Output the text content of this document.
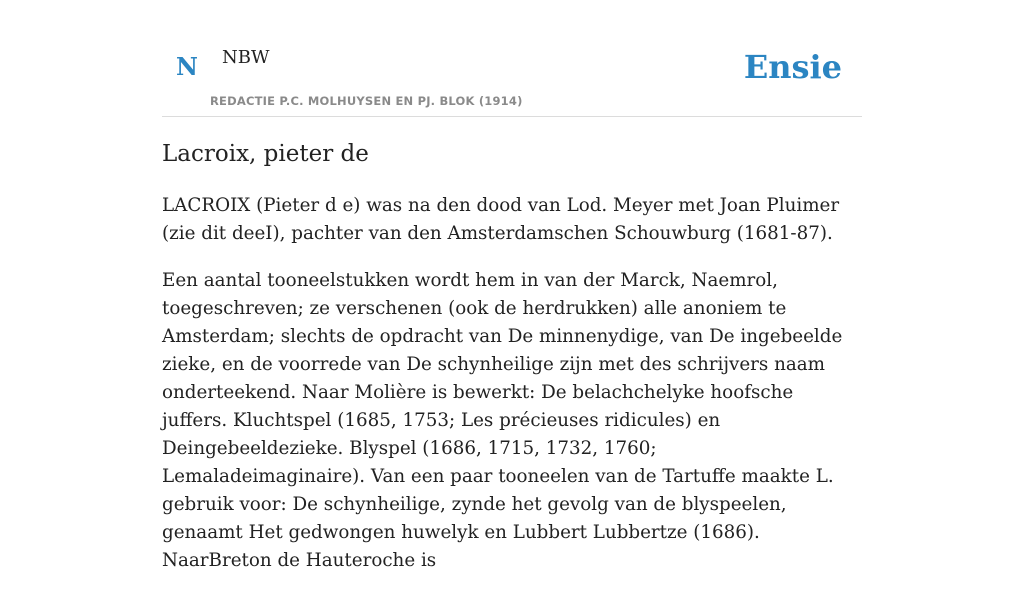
N NBW
REDACTIE P.C. MOLHUYSEN EN PJ. BLOK (1914)
Ensie
Lacroix, pieter de

LACROIX (Pieter d e) was na den dood van Lod. Meyer met Joan Pluimer (zie dit deeI), pachter van den Amsterdamschen Schouwburg (1681-87).

Een aantal tooneelstukken wordt hem in van der Marck, Naemrol, toegeschreven; ze verschenen (ook de herdrukken) alle anoniem te Amsterdam; slechts de opdracht van De minnenydige, van De ingebeelde zieke, en de voorrede van De schynheilige zijn met des schrijvers naam onderteekend. Naar Molière is bewerkt: De belachchelyke hoofsche juffers. Kluchtspel (1685, 1753; Les précieuses ridicules) en Deingebeeldezieke. Blyspel (1686, 1715, 1732, 1760; Lemaladeimaginaire). Van een paar tooneelen van de Tartuffe maakte L. gebruik voor: De schynheilige, zynde het gevolg van de blyspeelen, genaamt Het gedwongen huwelyk en Lubbert Lubbertze (1686). NaarBreton de Hauteroche is
